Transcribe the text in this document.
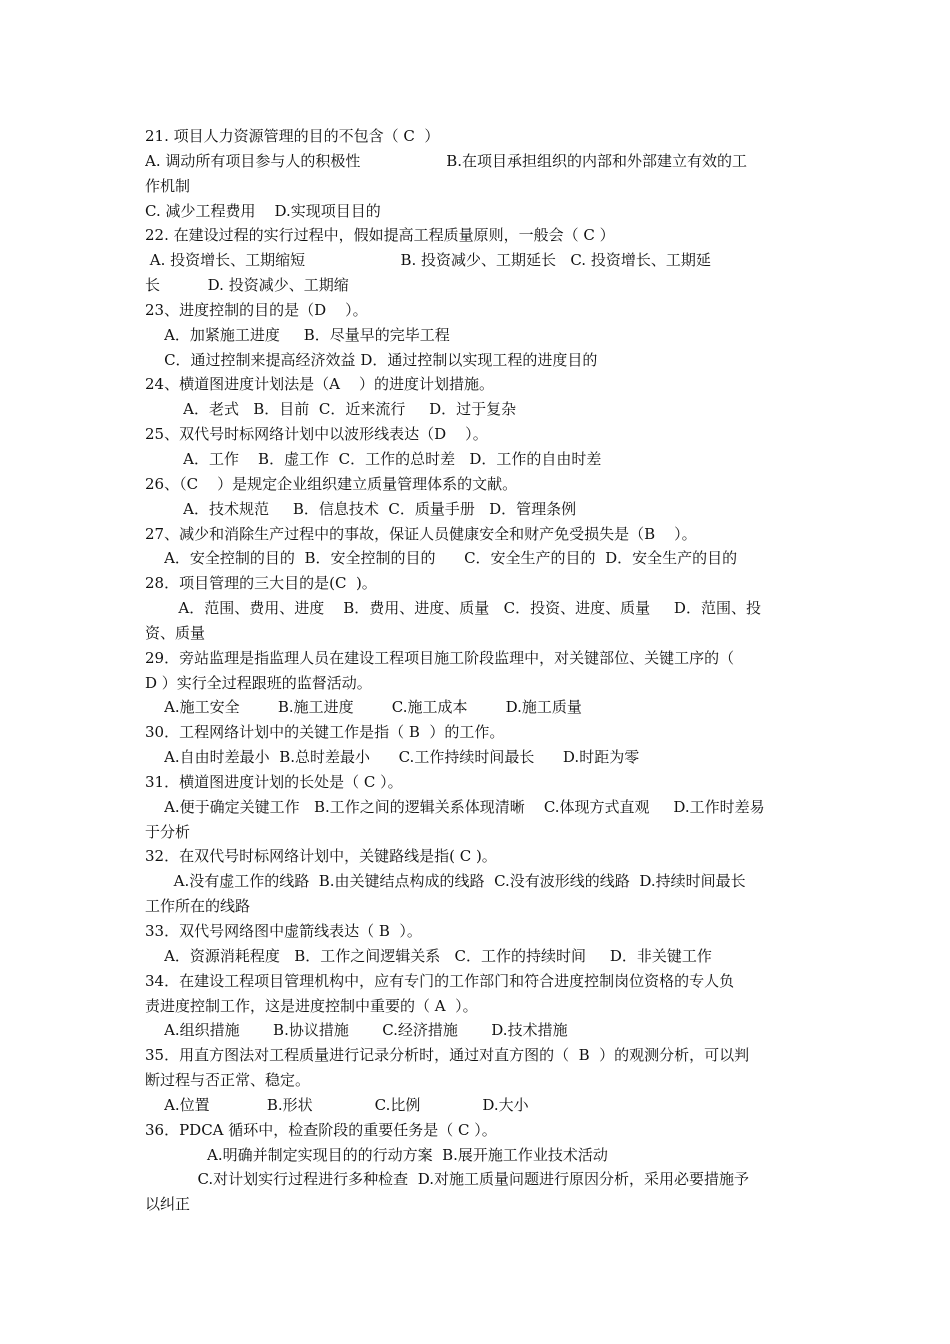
21. 项目人力资源管理的目的不包含（ C  ）
A. 调动所有项目参与人的积极性                  B.在项目承担组织的内部和外部建立有效的工
作机制
C. 减少工程费用    D.实现项目目的
22. 在建设过程的实行过程中，假如提高工程质量原则，一般会（ C ）
A. 投资增长、工期缩短                    B. 投资减少、工期延长   C. 投资增长、工期延
长          D. 投资减少、工期缩
23、进度控制的目的是（D    ）。
A．加紧施工进度     B．尽量早的完毕工程
C．通过控制来提高经济效益 D．通过控制以实现工程的进度目的
24、横道图进度计划法是（A    ）的进度计划措施。
A．老式   B．目前  C．近来流行     D．过于复杂
25、双代号时标网络计划中以波形线表达（D    ）。
A．工作    B．虚工作  C．工作的总时差   D．工作的自由时差
26、（C    ）是规定企业组织建立质量管理体系的文献。
A．技术规范     B．信息技术  C．质量手册   D．管理条例
27、减少和消除生产过程中的事故，保证人员健康安全和财产免受损失是（B    ）。
A．安全控制的目的  B．安全控制的目的      C．安全生产的目的  D．安全生产的目的
28．项目管理的三大目的是(C  )。
A．范围、费用、进度    B．费用、进度、质量   C．投资、进度、质量     D．范围、投
资、质量
29．旁站监理是指监理人员在建设工程项目施工阶段监理中，对关键部位、关键工序的（
D ）实行全过程跟班的监督活动。
A.施工安全        B.施工进度        C.施工成本        D.施工质量
30．工程网络计划中的关键工作是指（ B  ）的工作。
A.自由时差最小  B.总时差最小      C.工作持续时间最长      D.时距为零
31．横道图进度计划的长处是（ C ）。
A.便于确定关键工作   B.工作之间的逻辑关系体现清晰    C.体现方式直观     D.工作时差易
于分析
32．在双代号时标网络计划中，关键路线是指( C )。
A.没有虚工作的线路  B.由关键结点构成的线路  C.没有波形线的线路  D.持续时间最长
工作所在的线路
33．双代号网络图中虚箭线表达（ B  ）。
A．资源消耗程度   B．工作之间逻辑关系   C．工作的持续时间     D．非关键工作
34．在建设工程项目管理机构中，应有专门的工作部门和符合进度控制岗位资格的专人负
责进度控制工作，这是进度控制中重要的（ A  ）。
A.组织措施       B.协议措施       C.经济措施       D.技术措施
35．用直方图法对工程质量进行记录分析时，通过对直方图的（  B  ）的观测分析，可以判
断过程与否正常、稳定。
A.位置            B.形状             C.比例             D.大小
36．PDCA 循环中，检查阶段的重要任务是（ C ）。
A.明确并制定实现目的的行动方案  B.展开施工作业技术活动
C.对计划实行过程进行多种检查  D.对施工质量问题进行原因分析，采用必要措施予
以纠正
